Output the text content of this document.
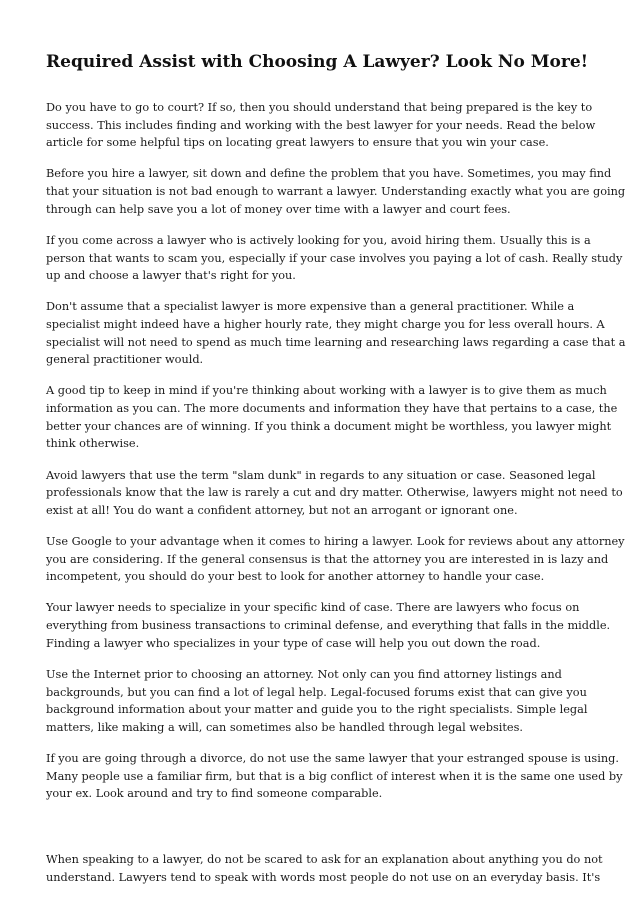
Required Assist with Choosing A Lawyer? Look No More!

Do you have to go to court? If so, then you should understand that being prepared is the key to
success. This includes finding and working with the best lawyer for your needs. Read the below
article for some helpful tips on locating great lawyers to ensure that you win your case.

Before you hire a lawyer, sit down and define the problem that you have. Sometimes, you may find
that your situation is not bad enough to warrant a lawyer. Understanding exactly what you are going
through can help save you a lot of money over time with a lawyer and court fees.

If you come across a lawyer who is actively looking for you, avoid hiring them. Usually this is a
person that wants to scam you, especially if your case involves you paying a lot of cash. Really study
up and choose a lawyer that's right for you.

Don't assume that a specialist lawyer is more expensive than a general practitioner. While a
specialist might indeed have a higher hourly rate, they might charge you for less overall hours. A
specialist will not need to spend as much time learning and researching laws regarding a case that a
general practitioner would.

A good tip to keep in mind if you're thinking about working with a lawyer is to give them as much
information as you can. The more documents and information they have that pertains to a case, the
better your chances are of winning. If you think a document might be worthless, you lawyer might
think otherwise.

Avoid lawyers that use the term "slam dunk" in regards to any situation or case. Seasoned legal
professionals know that the law is rarely a cut and dry matter. Otherwise, lawyers might not need to
exist at all! You do want a confident attorney, but not an arrogant or ignorant one.

Use Google to your advantage when it comes to hiring a lawyer. Look for reviews about any attorney
you are considering. If the general consensus is that the attorney you are interested in is lazy and
incompetent, you should do your best to look for another attorney to handle your case.

Your lawyer needs to specialize in your specific kind of case. There are lawyers who focus on
everything from business transactions to criminal defense, and everything that falls in the middle.
Finding a lawyer who specializes in your type of case will help you out down the road.

Use the Internet prior to choosing an attorney. Not only can you find attorney listings and
backgrounds, but you can find a lot of legal help. Legal-focused forums exist that can give you
background information about your matter and guide you to the right specialists. Simple legal
matters, like making a will, can sometimes also be handled through legal websites.

If you are going through a divorce, do not use the same lawyer that your estranged spouse is using.
Many people use a familiar firm, but that is a big conflict of interest when it is the same one used by
your ex. Look around and try to find someone comparable.

When speaking to a lawyer, do not be scared to ask for an explanation about anything you do not
understand. Lawyers tend to speak with words most people do not use on an everyday basis. It's
